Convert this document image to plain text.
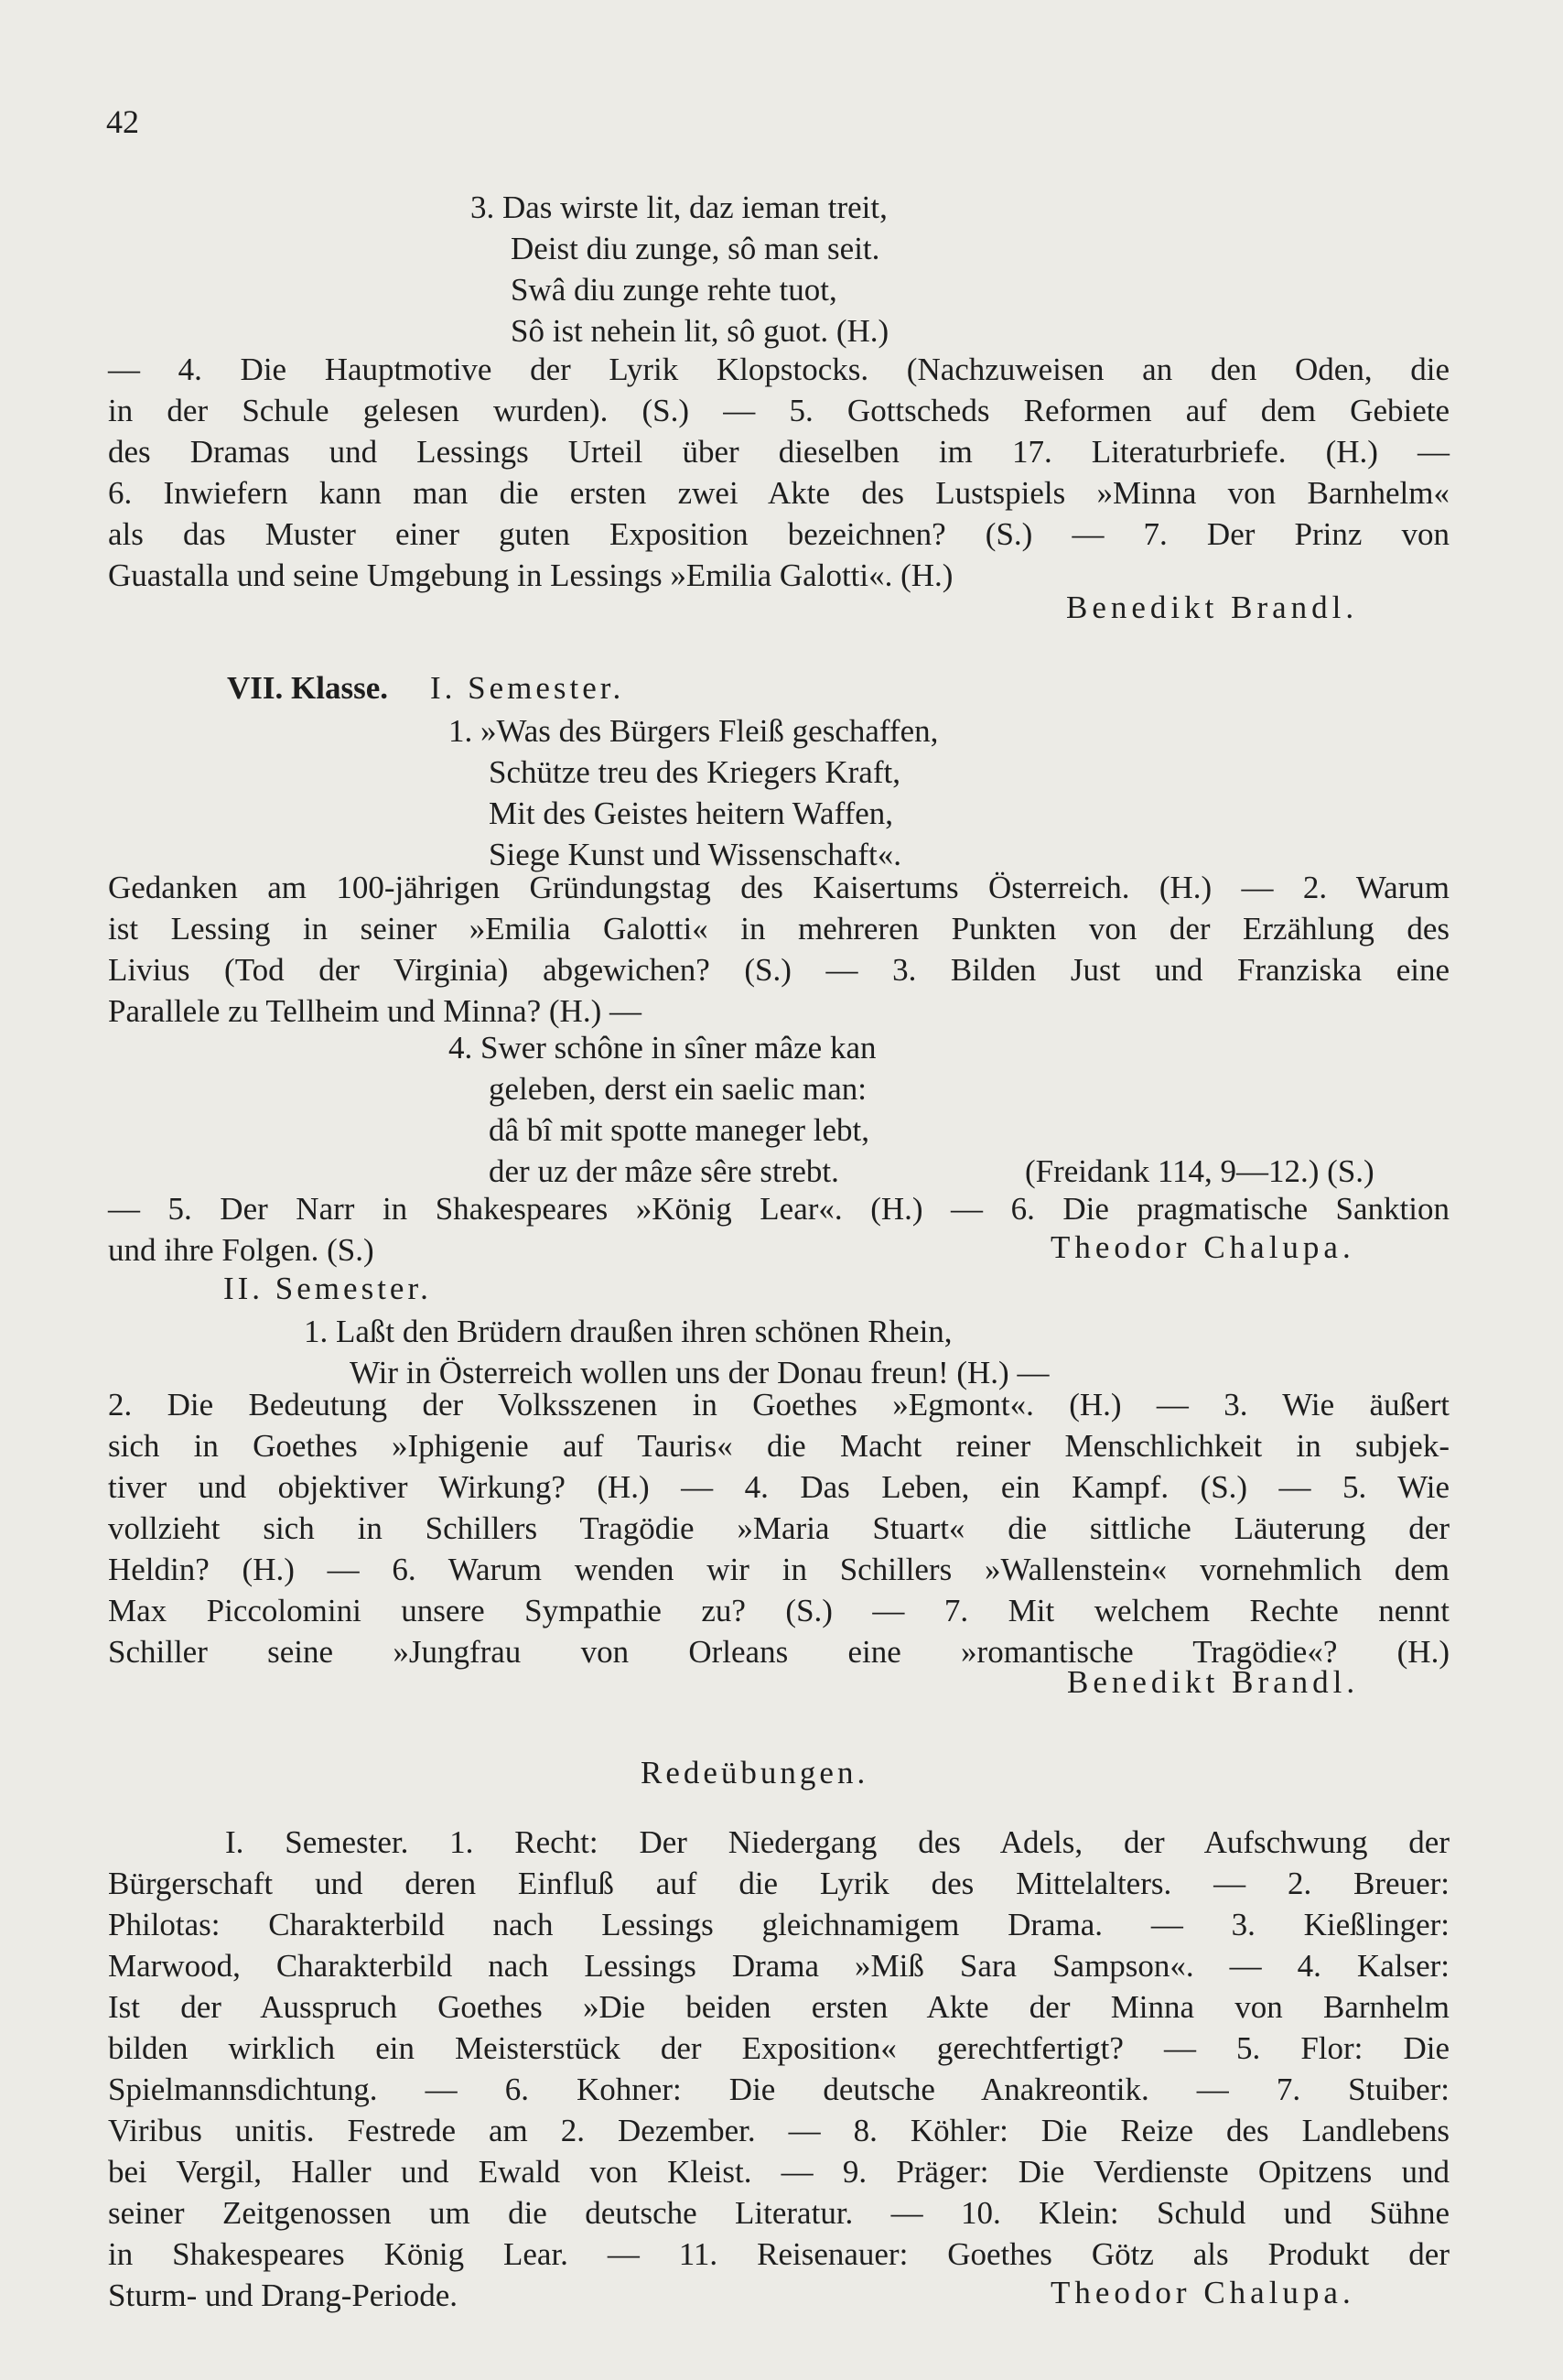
42
3. Das wirste lit, daz ieman treit,
Deist diu zunge, sô man seit.
Swâ diu zunge rehte tuot,
Sô ist nehein lit, sô guot. (H.)
— 4. Die Hauptmotive der Lyrik Klopstocks. (Nachzuweisen an den Oden, die
in der Schule gelesen wurden). (S.) — 5. Gottscheds Reformen auf dem Gebiete
des Dramas und Lessings Urteil über dieselben im 17. Literaturbriefe. (H.) —
6. Inwiefern kann man die ersten zwei Akte des Lustspiels »Minna von Barnhelm«
als das Muster einer guten Exposition bezeichnen? (S.) — 7. Der Prinz von
Guastalla und seine Umgebung in Lessings »Emilia Galotti«. (H.)
Benedikt Brandl.
VII. Klasse. I. Semester.
1. »Was des Bürgers Fleiß geschaffen,
Schütze treu des Kriegers Kraft,
Mit des Geistes heitern Waffen,
Siege Kunst und Wissenschaft«.
Gedanken am 100-jährigen Gründungstag des Kaisertums Österreich. (H.) — 2. Warum
ist Lessing in seiner »Emilia Galotti« in mehreren Punkten von der Erzählung des
Livius (Tod der Virginia) abgewichen? (S.) — 3. Bilden Just und Franziska eine
Parallele zu Tellheim und Minna? (H.) —
4. Swer schône in sîner mâze kan
geleben, derst ein saelic man:
dâ bî mit spotte maneger lebt,
der uz der mâze sêre strebt.	(Freidank 114, 9—12.) (S.)
— 5. Der Narr in Shakespeares »König Lear«. (H.) — 6. Die pragmatische Sanktion
und ihre Folgen. (S.)	Theodor Chalupa.
II. Semester.
1. Laßt den Brüdern draußen ihren schönen Rhein,
Wir in Österreich wollen uns der Donau freun! (H.) —
2. Die Bedeutung der Volksszenen in Goethes »Egmont«. (H.) — 3. Wie äußert
sich in Goethes »Iphigenie auf Tauris« die Macht reiner Menschlichkeit in subjek-
tiver und objektiver Wirkung? (H.) — 4. Das Leben, ein Kampf. (S.) — 5. Wie
vollzieht sich in Schillers Tragödie »Maria Stuart« die sittliche Läuterung der
Heldin? (H.) — 6. Warum wenden wir in Schillers »Wallenstein« vornehmlich dem
Max Piccolomini unsere Sympathie zu? (S.) — 7. Mit welchem Rechte nennt
Schiller seine »Jungfrau von Orleans eine »romantische Tragödie«? (H.)
Benedikt Brandl.
Redeübungen.
I. Semester. 1. Recht: Der Niedergang des Adels, der Aufschwung der
Bürgerschaft und deren Einfluß auf die Lyrik des Mittelalters. — 2. Breuer:
Philotas: Charakterbild nach Lessings gleichnamigem Drama. — 3. Kießlinger:
Marwood, Charakterbild nach Lessings Drama »Miß Sara Sampson«. — 4. Kalser:
Ist der Ausspruch Goethes »Die beiden ersten Akte der Minna von Barnhelm
bilden wirklich ein Meisterstück der Exposition« gerechtfertigt? — 5. Flor: Die
Spielmannsdichtung. — 6. Kohner: Die deutsche Anakreontik. — 7. Stuiber:
Viribus unitis. Festrede am 2. Dezember. — 8. Köhler: Die Reize des Landlebens
bei Vergil, Haller und Ewald von Kleist. — 9. Präger: Die Verdienste Opitzens und
seiner Zeitgenossen um die deutsche Literatur. — 10. Klein: Schuld und Sühne
in Shakespeares König Lear. — 11. Reisenauer: Goethes Götz als Produkt der
Sturm- und Drang-Periode.	Theodor Chalupa.
